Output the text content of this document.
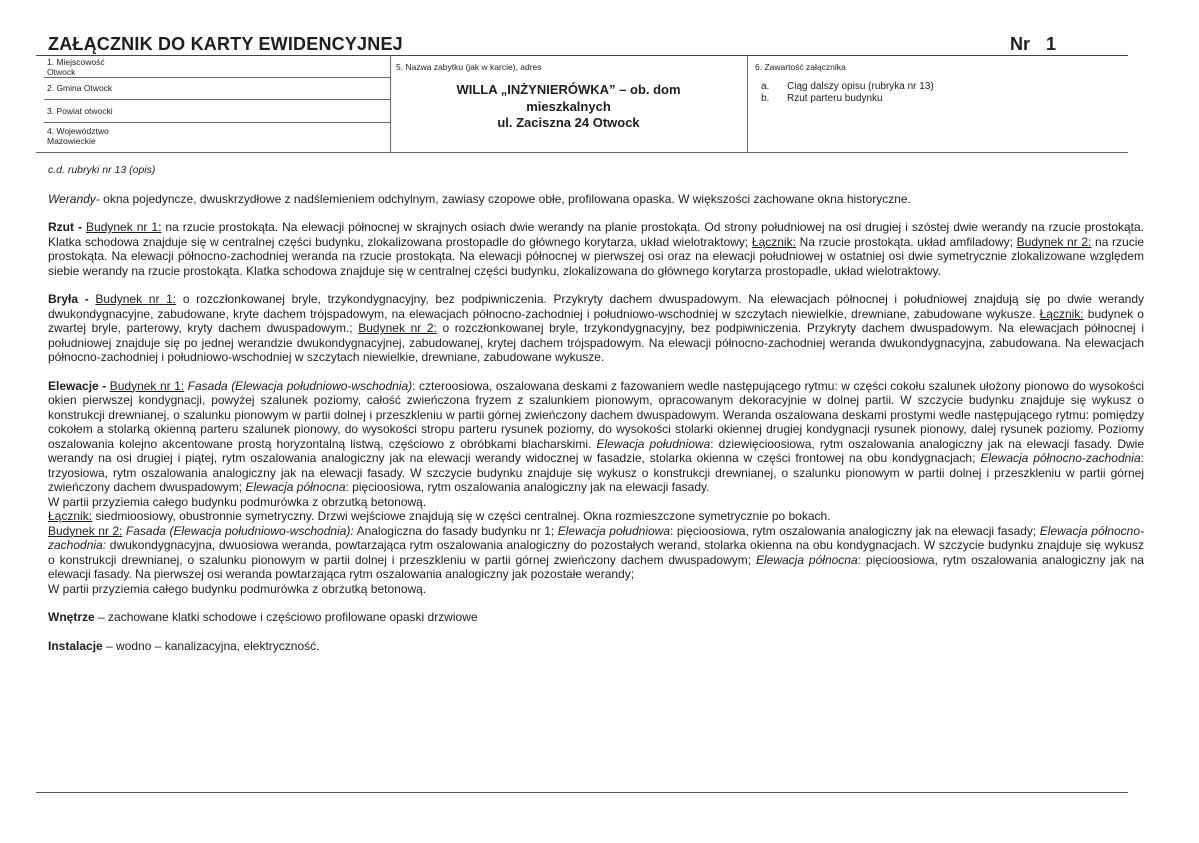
ZAŁĄCZNIK DO KARTY EWIDENCYJNEJ	Nr 1
1. Miejscowość
Otwock
2. Gmina Otwock
3. Powiat otwocki
4. Województwo
Mazowieckie
5. Nazwa zabytku (jak w karcie), adres
WILLA „INŻYNIERÓWKA” – ob. dom
mieszkalnych
ul. Zaciszna 24 Otwock
6. Zawartość załącznika
a. Ciąg dalszy opisu (rubryka nr 13)
b. Rzut parteru budynku
c.d. rubryki nr 13 (opis)

Werandy- okna pojedyncze, dwuskrzydłowe z nadślemieniem odchylnym, zawiasy czopowe obłe, profilowana opaska. W większości zachowane okna historyczne.

Rzut - Budynek nr 1: na rzucie prostokąta. Na elewacji północnej w skrajnych osiach dwie werandy na planie prostokąta. Od strony południowej na osi drugiej i szóstej dwie werandy na rzucie prostokąta. Klatka schodowa znajduje się w centralnej części budynku, zlokalizowana prostopadle do głównego korytarza, układ wielotraktowy; Łącznik: Na rzucie prostokąta. układ amfiladowy; Budynek nr 2: na rzucie prostokąta. Na elewacji północno-zachodniej weranda na rzucie prostokąta. Na elewacji północnej w pierwszej osi oraz na elewacji południowej w ostatniej osi dwie symetrycznie zlokalizowane względem siebie werandy na rzucie prostokąta. Klatka schodowa znajduje się w centralnej części budynku, zlokalizowana do głównego korytarza prostopadle, układ wielotraktowy.

Bryła - Budynek nr 1: o rozczłonkowanej bryle, trzykondygnacyjny, bez podpiwniczenia. Przykryty dachem dwuspadowym. Na elewacjach północnej i południowej znajdują się po dwie werandy dwukondygnacyjne, zabudowane, kryte dachem trójspadowym, na elewacjach północno-zachodniej i południowo-wschodniej w szczytach niewielkie, drewniane, zabudowane wykusze. Łącznik: budynek o zwartej bryle, parterowy, kryty dachem dwuspadowym.; Budynek nr 2: o rozczłonkowanej bryle, trzykondygnacyjny, bez podpiwniczenia. Przykryty dachem dwuspadowym. Na elewacjach północnej i południowej znajduje się po jednej werandzie dwukondygnacyjnej, zabudowanej, krytej dachem trójspadowym. Na elewacji północno-zachodniej weranda dwukondygnacyjna, zabudowana. Na elewacjach północno-zachodniej i południowo-wschodniej w szczytach niewielkie, drewniane, zabudowane wykusze.

Elewacje - Budynek nr 1: Fasada (Elewacja południowo-wschodnia): czteroosiowa, oszalowana deskami z fazowaniem wedle następującego rytmu: w części cokołu szalunek ułożony pionowo do wysokości okien pierwszej kondygnacji, powyżej szalunek poziomy, całość zwieńczona fryzem z szalunkiem pionowym, opracowanym dekoracyjnie w dolnej partii. W szczycie budynku znajduje się wykusz o konstrukcji drewnianej, o szalunku pionowym w partii dolnej i przeszkleniu w partii górnej zwieńczony dachem dwuspadowym. Weranda oszalowana deskami prostymi wedle następującego rytmu: pomiędzy cokołem a stolarką okienną parteru szalunek pionowy, do wysokości stropu parteru rysunek poziomy, do wysokości stolarki okiennej drugiej kondygnacji rysunek pionowy, dalej rysunek poziomy. Poziomy oszalowania kolejno akcentowane prostą horyzontalną listwą, częściowo z obróbkami blacharskimi. Elewacja południowa: dziewięcioosiowa, rytm oszalowania analogiczny jak na elewacji fasady. Dwie werandy na osi drugiej i piątej, rytm oszalowania analogiczny jak na elewacji werandy widocznej w fasadzie, stolarka okienna w części frontowej na obu kondygnacjach; Elewacja północno-zachodnia: trzyosiowa, rytm oszalowania analogiczny jak na elewacji fasady. W szczycie budynku znajduje się wykusz o konstrukcji drewnianej, o szalunku pionowym w partii dolnej i przeszkleniu w partii górnej zwieńczony dachem dwuspadowym; Elewacja północna: pięcioosiowa, rytm oszalowania analogiczny jak na elewacji fasady.
W partii przyziemia całego budynku podmurówka z obrzutką betonową.
Łącznik: siedmioosiowy, obustronnie symetryczny. Drzwi wejściowe znajdują się w części centralnej. Okna rozmieszczone symetrycznie po bokach.
Budynek nr 2: Fasada (Elewacja południowo-wschodnia): Analogiczna do fasady budynku nr 1; Elewacja południowa: pięcioosiowa, rytm oszalowania analogiczny jak na elewacji fasady; Elewacja północno-zachodnia: dwukondygnacyjna, dwuosiowa weranda, powtarzająca rytm oszalowania analogiczny do pozostałych werand, stolarka okienna na obu kondygnacjach. W szczycie budynku znajduje się wykusz o konstrukcji drewnianej, o szalunku pionowym w partii dolnej i przeszkleniu w partii górnej zwieńczony dachem dwuspadowym; Elewacja północna: pięcioosiowa, rytm oszalowania analogiczny jak na elewacji fasady. Na pierwszej osi weranda powtarzająca rytm oszalowania analogiczny jak pozostałe werandy;
W partii przyziemia całego budynku podmurówka z obrzutką betonową.

Wnętrze – zachowane klatki schodowe i częściowo profilowane opaski drzwiowe

Instalacje – wodno – kanalizacyjna, elektryczność.
